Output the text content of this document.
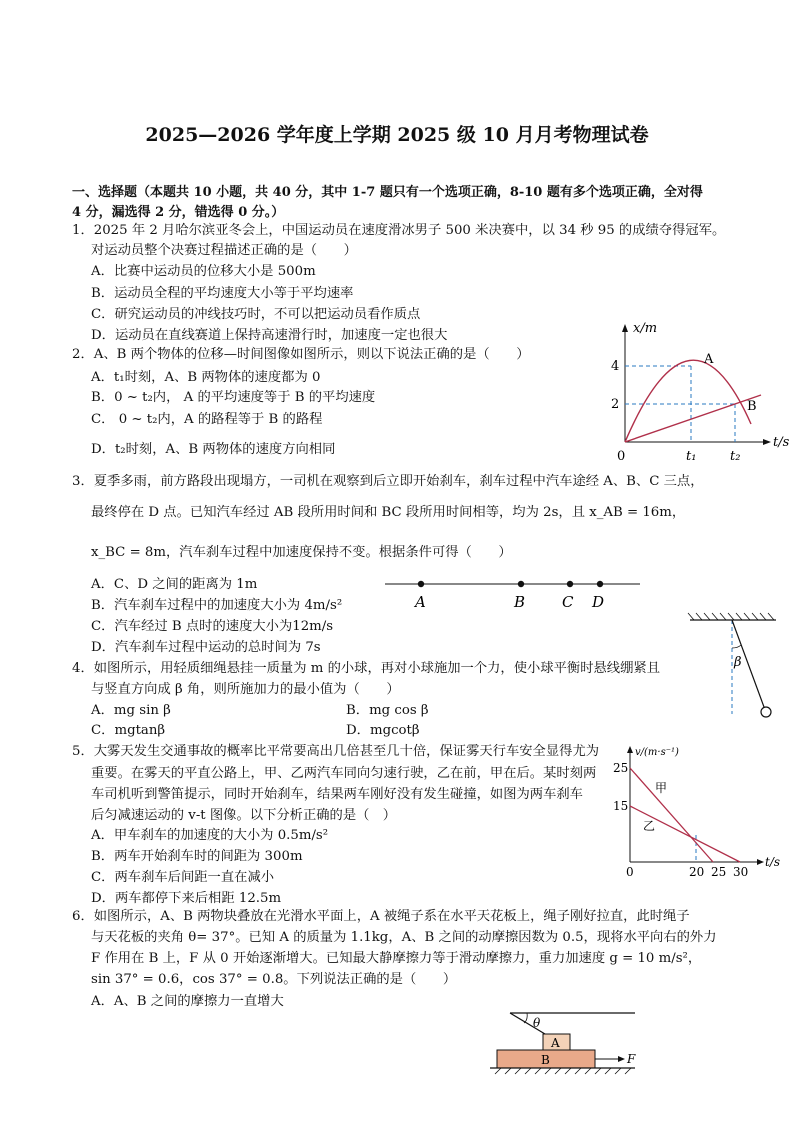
2025—2026 学年度上学期 2025 级 10 月月考物理试卷
一、选择题（本题共 10 小题，共 40 分，其中 1-7 题只有一个选项正确，8-10 题有多个选项正确，全对得
4 分，漏选得 2 分，错选得 0 分。）
1．2025 年 2 月哈尔滨亚冬会上，中国运动员在速度滑冰男子 500 米决赛中，以 34 秒 95 的成绩夺得冠军。
对运动员整个决赛过程描述正确的是（　　）
A．比赛中运动员的位移大小是 500m
B．运动员全程的平均速度大小等于平均速率
C．研究运动员的冲线技巧时，不可以把运动员看作质点
D．运动员在直线赛道上保持高速滑行时，加速度一定也很大
2．A、B 两个物体的位移—时间图像如图所示，则以下说法正确的是（　　）
A．t₁时刻，A、B 两物体的速度都为 0
B．0 ~ t₂内， A 的平均速度等于 B 的平均速度
C． 0 ~ t₂内，A 的路程等于 B 的路程
D．t₂时刻，A、B 两物体的速度方向相同
x/m
t/s
4
2
0	t₁	t₂
A
B
3．夏季多雨，前方路段出现塌方，一司机在观察到后立即开始刹车，刹车过程中汽车途经 A、B、C 三点，
最终停在 D 点。已知汽车经过 AB 段所用时间和 BC 段所用时间相等，均为 2s，且 x_AB = 16m，
x_BC = 8m，汽车刹车过程中加速度保持不变。根据条件可得（　　）
A．C、D 之间的距离为 1m
B．汽车刹车过程中的加速度大小为 4m/s²
C．汽车经过 B 点时的速度大小为12m/s
D．汽车刹车过程中运动的总时间为 7s
A	B C D
4．如图所示，用轻质细绳悬挂一质量为 m 的小球，再对小球施加一个力，使小球平衡时悬线绷紧且
与竖直方向成 β 角，则所施加力的最小值为（　　）
A．mg sin β	B．mg cos β
C．mgtanβ	D．mgcotβ
β
5．大雾天发生交通事故的概率比平常要高出几倍甚至几十倍，保证雾天行车安全显得尤为
重要。在雾天的平直公路上，甲、乙两汽车同向匀速行驶，乙在前，甲在后。某时刻两
车司机听到警笛提示，同时开始刹车，结果两车刚好没有发生碰撞，如图为两车刹车
后匀减速运动的 v-t 图像。以下分析正确的是（　）
A．甲车刹车的加速度的大小为 0.5m/s²
B．两车开始刹车时的间距为 300m
C．两车刹车后间距一直在减小
D．两车都停下来后相距 12.5m
v/(m·s⁻¹)
t/s
25
15
0	20 25 30
甲
乙
6．如图所示，A、B 两物块叠放在光滑水平面上，A 被绳子系在水平天花板上，绳子刚好拉直，此时绳子
与天花板的夹角 θ= 37°。已知 A 的质量为 1.1kg，A、B 之间的动摩擦因数为 0.5，现将水平向右的外力
F 作用在 B 上，F 从 0 开始逐渐增大。已知最大静摩擦力等于滑动摩擦力，重力加速度 g = 10 m/s²，
sin 37° = 0.6，cos 37° = 0.8。下列说法正确的是（　　）
A．A、B 之间的摩擦力一直增大
θ
A
B	F
